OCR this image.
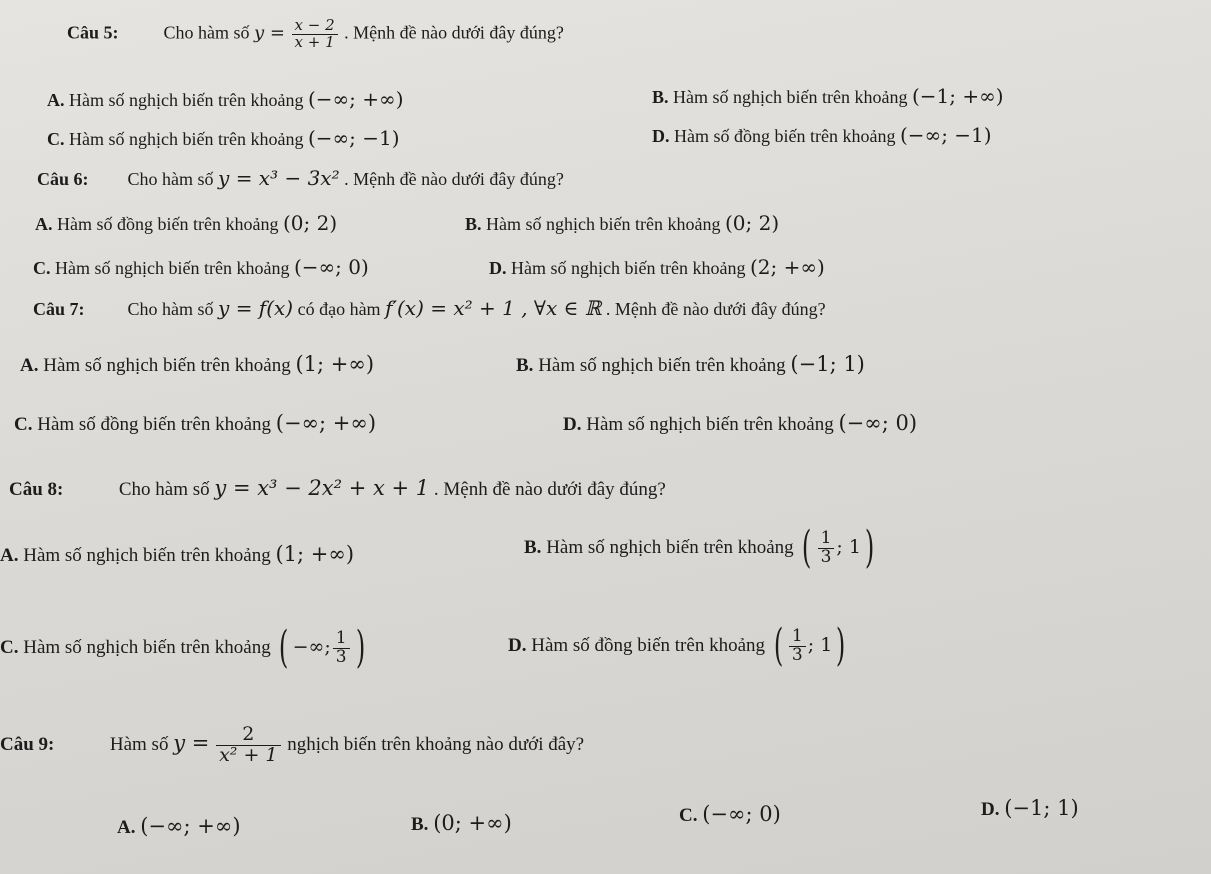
Câu 5:	Cho hàm số $y = \frac{x - 2}{x + 1}$ . Mệnh đề nào dưới đây đúng?
A. Hàm số nghịch biến trên khoảng (−∞; +∞)	B. Hàm số nghịch biến trên khoảng (−1; +∞)
C. Hàm số nghịch biến trên khoảng (−∞; −1)	D. Hàm số đồng biến trên khoảng (−∞; −1)
Câu 6: Cho hàm số y = x³ − 3x² . Mệnh đề nào dưới đây đúng?
A. Hàm số đồng biến trên khoảng (0; 2)	B. Hàm số nghịch biến trên khoảng (0; 2)
C. Hàm số nghịch biến trên khoảng (−∞; 0)	D. Hàm số nghịch biến trên khoảng (2; +∞)
Câu 7: Cho hàm số y = f(x) có đạo hàm f′(x) = x² + 1 , ∀x ∈ ℝ . Mệnh đề nào dưới đây đúng?
A. Hàm số nghịch biến trên khoảng (1; +∞)	B. Hàm số nghịch biến trên khoảng (−1; 1)
C. Hàm số đồng biến trên khoảng (−∞; +∞)	D. Hàm số nghịch biến trên khoảng (−∞; 0)
Câu 8:	Cho hàm số y = x³ − 2x² + x + 1 . Mệnh đề nào dưới đây đúng?
A. Hàm số nghịch biến trên khoảng (1; +∞)	B. Hàm số nghịch biến trên khoảng ( $\frac{1}{3}$ ; 1)
C. Hàm số nghịch biến trên khoảng ( −∞; $\frac{1}{3}$ )	D. Hàm số đồng biến trên khoảng ( $\frac{1}{3}$ ; 1)
Câu 9:	Hàm số $y = \frac{2}{\text{x² + 1}}$ nghịch biến trên khoảng nào dưới đây?
A. (−∞; +∞)	B. (0; +∞)	C. (−∞; 0)	D. (−1; 1)
